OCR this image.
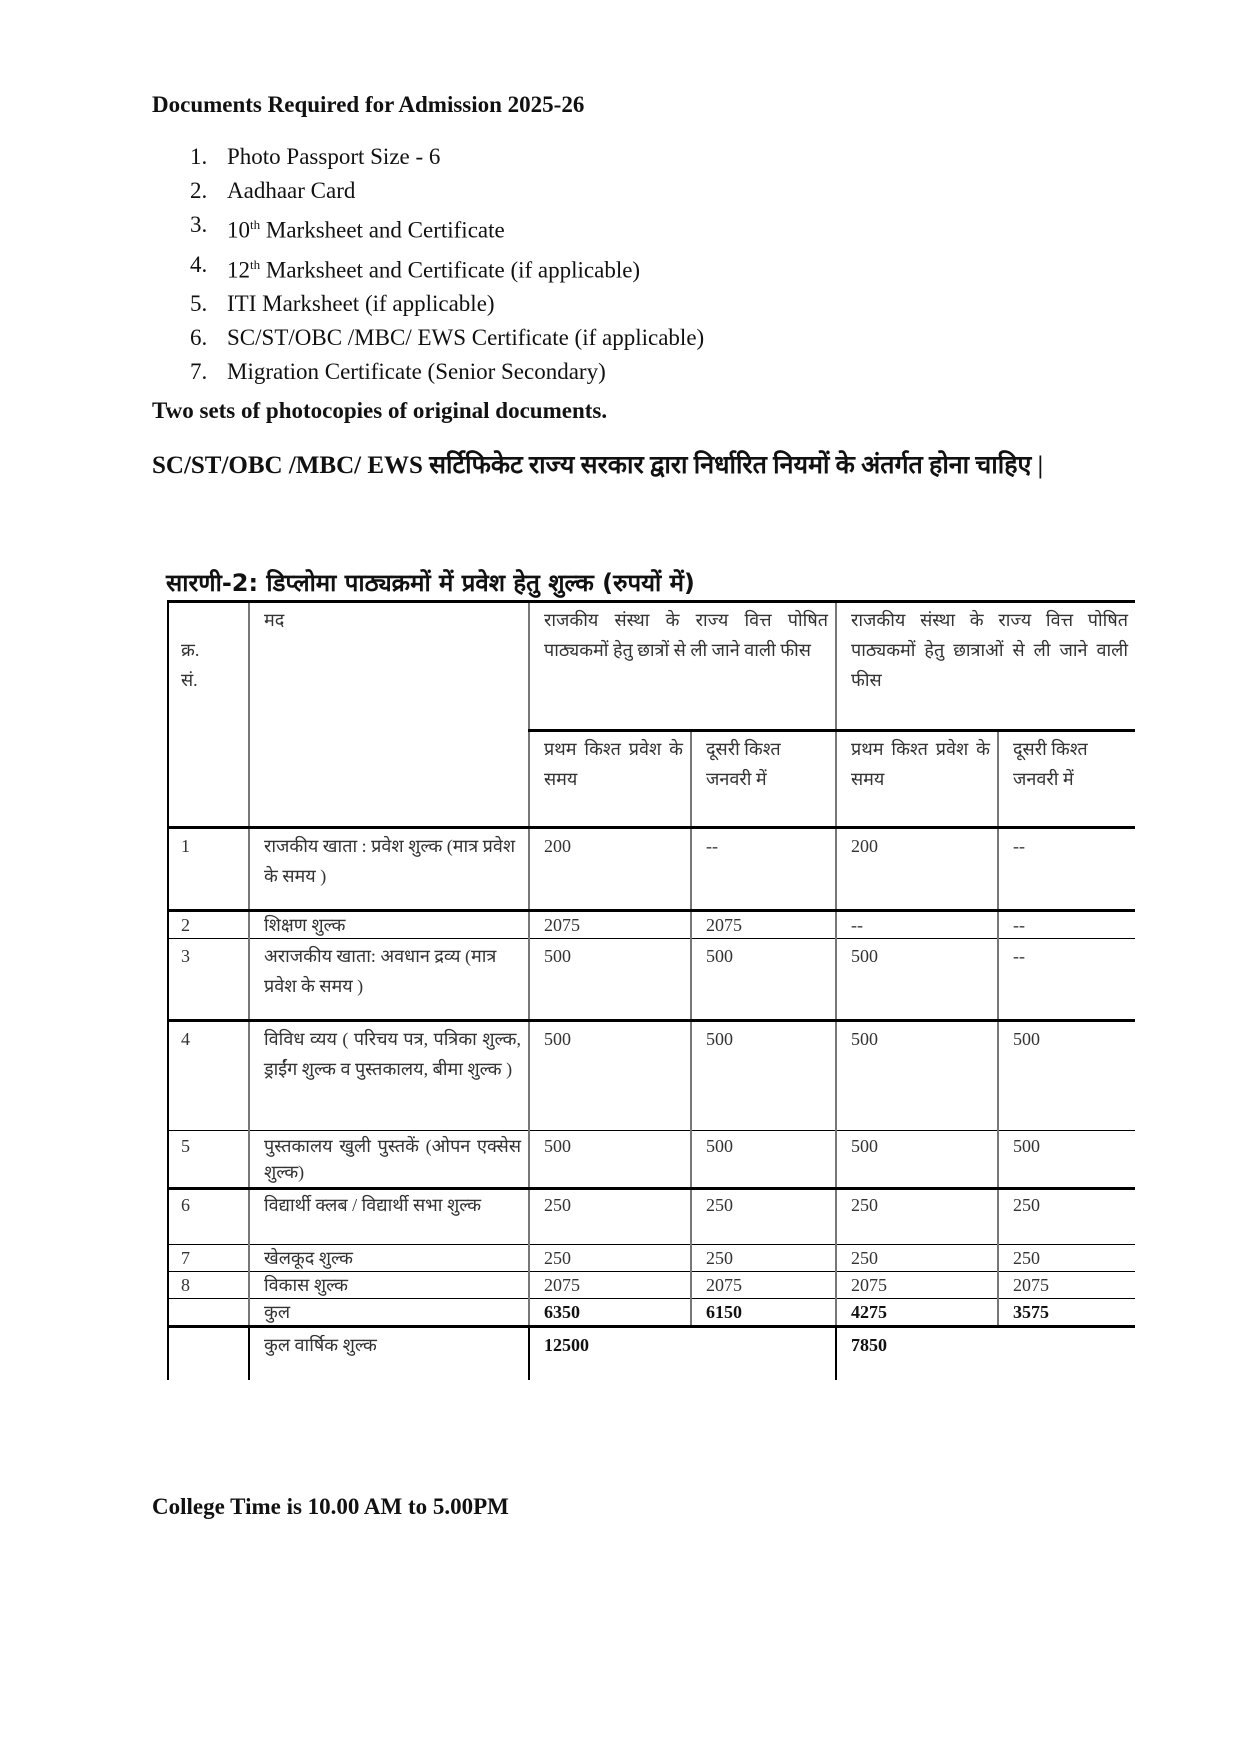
Documents Required for Admission 2025-26
1. Photo Passport Size - 6
2. Aadhaar Card
3. 10th Marksheet and Certificate
4. 12th Marksheet and Certificate (if applicable)
5. ITI Marksheet (if applicable)
6. SC/ST/OBC /MBC/ EWS Certificate (if applicable)
7. Migration Certificate (Senior Secondary)
Two sets of photocopies of original documents.
SC/ST/OBC /MBC/ EWS सर्टिफिकेट राज्य सरकार द्वारा निर्धारित नियमों के अंतर्गत होना चाहिए |
सारणी-2: डिप्लोमा पाठ्यक्रमों में प्रवेश हेतु शुल्क (रुपयों में)
क्र. सं.	मद	राजकीय संस्था के राज्य वित्त पोषित पाठ्यकमों हेतु छात्रों से ली जाने वाली फीस		राजकीय संस्था के राज्य वित्त पोषित पाठ्यकमों हेतु छात्राओं से ली जाने वाली फीस	
		प्रथम किश्त प्रवेश के समय	दूसरी किश्त जनवरी में	प्रथम किश्त प्रवेश के समय	दूसरी किश्त जनवरी में
1	राजकीय खाता : प्रवेश शुल्क (मात्र प्रवेश के समय )	200	--	200	--
2	शिक्षण शुल्क	2075	2075	--	--
3	अराजकीय खाता: अवधान द्रव्य (मात्र प्रवेश के समय )	500	500	500	--
4	विविध व्यय ( परिचय पत्र, पत्रिका शुल्क, ड्राईंग शुल्क व पुस्तकालय, बीमा शुल्क )	500	500	500	500
5	पुस्तकालय खुली पुस्तकें (ओपन एक्सेस शुल्क)	500	500	500	500
6	विद्यार्थी क्लब / विद्यार्थी सभा शुल्क	250	250	250	250
7	खेलकूद शुल्क	250	250	250	250
8	विकास शुल्क	2075	2075	2075	2075
	कुल	6350	6150	4275	3575
	कुल वार्षिक शुल्क	12500		7850	
College Time is 10.00 AM to 5.00PM
